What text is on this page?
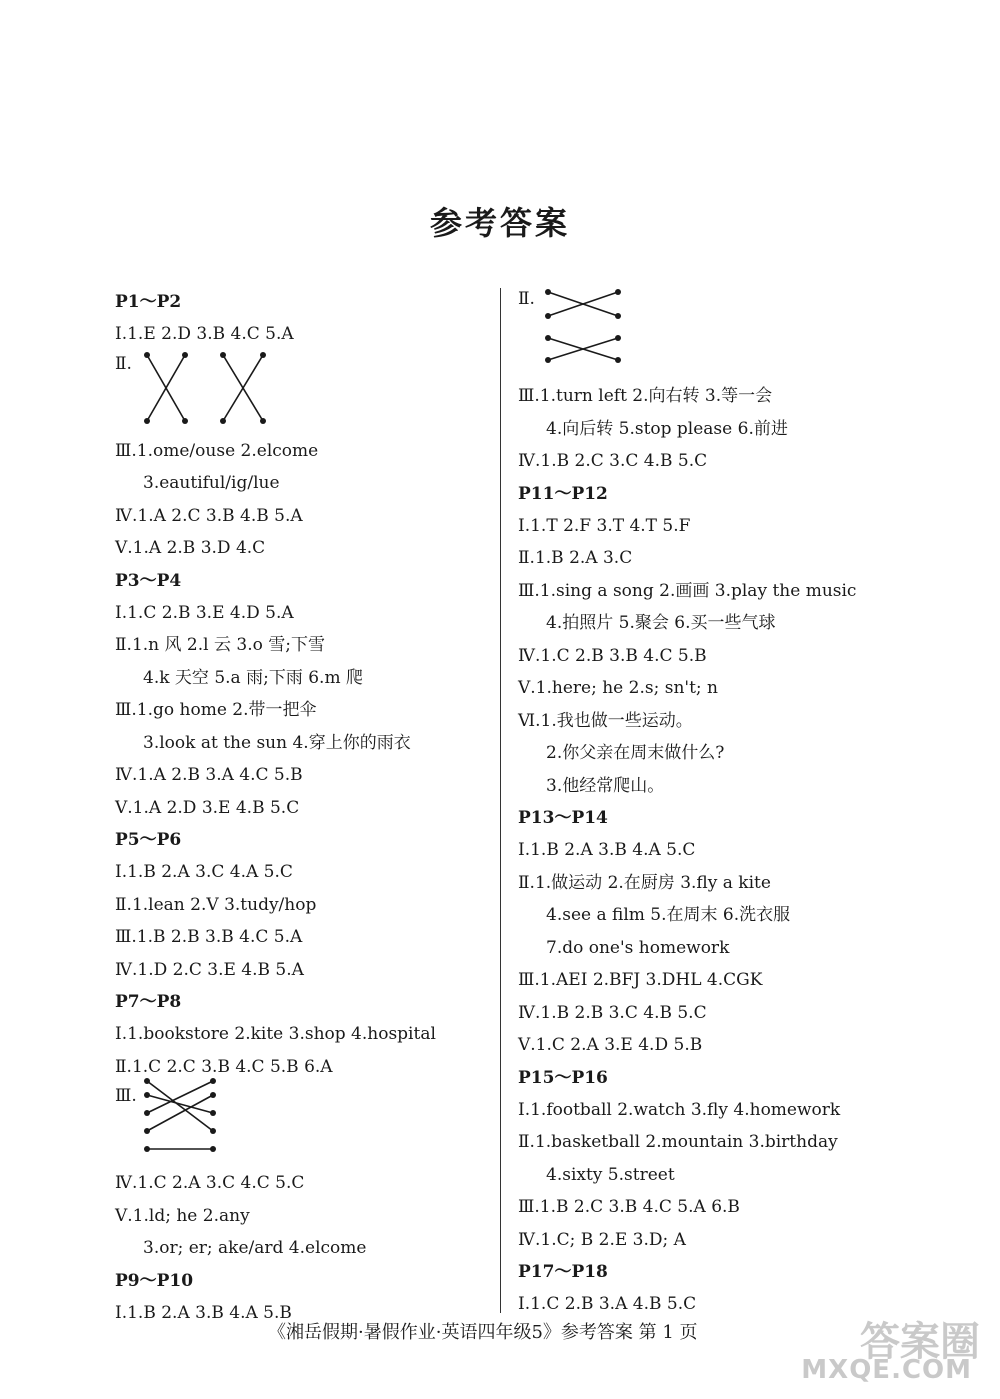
参考答案
P1～P2
Ⅰ.1.E 2.D 3.B 4.C 5.A
Ⅱ.
Ⅲ.1.ome/ouse 2.elcome
3.eautiful/ig/lue
Ⅳ.1.A 2.C 3.B 4.B 5.A
Ⅴ.1.A 2.B 3.D 4.C
P3～P4
Ⅰ.1.C 2.B 3.E 4.D 5.A
Ⅱ.1.n 风 2.l 云 3.o 雪;下雪
4.k 天空 5.a 雨;下雨 6.m 爬
Ⅲ.1.go home 2.带一把伞
3.look at the sun 4.穿上你的雨衣
Ⅳ.1.A 2.B 3.A 4.C 5.B
Ⅴ.1.A 2.D 3.E 4.B 5.C
P5～P6
Ⅰ.1.B 2.A 3.C 4.A 5.C
Ⅱ.1.lean 2.V 3.tudy/hop
Ⅲ.1.B 2.B 3.B 4.C 5.A
Ⅳ.1.D 2.C 3.E 4.B 5.A
P7～P8
Ⅰ.1.bookstore 2.kite 3.shop 4.hospital
Ⅱ.1.C 2.C 3.B 4.C 5.B 6.A
Ⅲ.
Ⅳ.1.C 2.A 3.C 4.C 5.C
Ⅴ.1.ld; he 2.any
3.or; er; ake/ard 4.elcome
P9～P10
Ⅰ.1.B 2.A 3.B 4.A 5.B
Ⅱ.
Ⅲ.1.turn left 2.向右转 3.等一会
4.向后转 5.stop please 6.前进
Ⅳ.1.B 2.C 3.C 4.B 5.C
P11～P12
Ⅰ.1.T 2.F 3.T 4.T 5.F
Ⅱ.1.B 2.A 3.C
Ⅲ.1.sing a song 2.画画 3.play the music
4.拍照片 5.聚会 6.买一些气球
Ⅳ.1.C 2.B 3.B 4.C 5.B
Ⅴ.1.here; he 2.s; sn't; n
Ⅵ.1.我也做一些运动。
2.你父亲在周末做什么?
3.他经常爬山。
P13～P14
Ⅰ.1.B 2.A 3.B 4.A 5.C
Ⅱ.1.做运动 2.在厨房 3.fly a kite
4.see a film 5.在周末 6.洗衣服
7.do one's homework
Ⅲ.1.AEI 2.BFJ 3.DHL 4.CGK
Ⅳ.1.B 2.B 3.C 4.B 5.C
Ⅴ.1.C 2.A 3.E 4.D 5.B
P15～P16
Ⅰ.1.football 2.watch 3.fly 4.homework
Ⅱ.1.basketball 2.mountain 3.birthday
4.sixty 5.street
Ⅲ.1.B 2.C 3.B 4.C 5.A 6.B
Ⅳ.1.C; B 2.E 3.D; A
P17～P18
Ⅰ.1.C 2.B 3.A 4.B 5.C
《湘岳假期·暑假作业·英语四年级5》参考答案 第 1 页	答案圈
MXQE.COM
